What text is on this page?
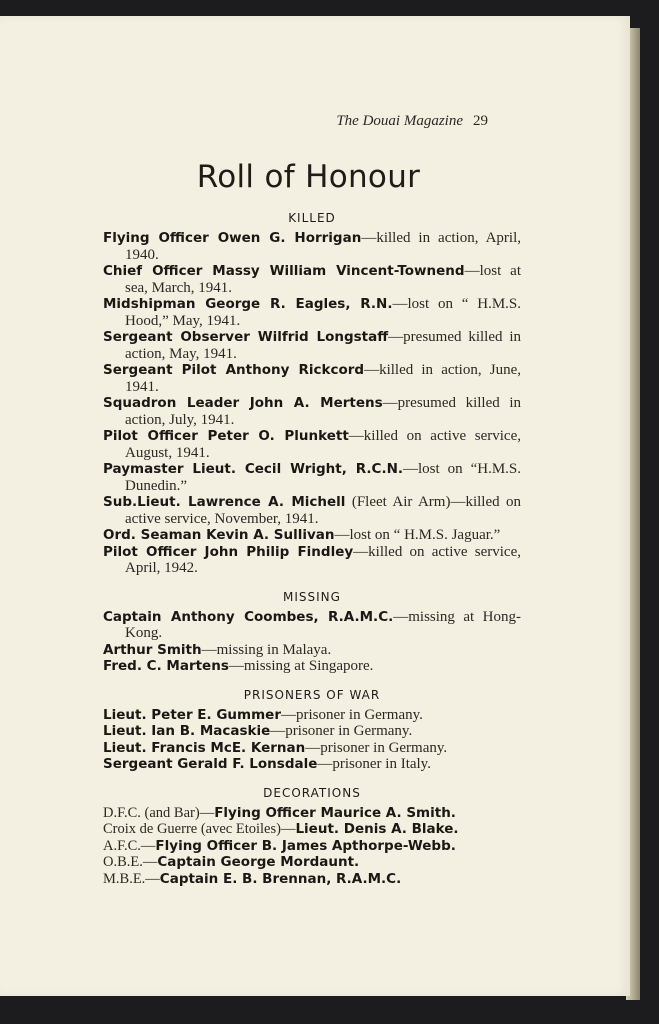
The Douai Magazine 29
Roll of Honour
KILLED

Flying Officer Owen G. Horrigan—killed in action, April, 1940.

Chief Officer Massy William Vincent-Townend—lost at sea, March, 1941.

Midshipman George R. Eagles, R.N.—lost on “ H.M.S. Hood,” May, 1941.

Sergeant Observer Wilfrid Longstaff—presumed killed in action, May, 1941.

Sergeant Pilot Anthony Rickcord—killed in action, June, 1941.

Squadron Leader John A. Mertens—presumed killed in action, July, 1941.

Pilot Officer Peter O. Plunkett—killed on active service, August, 1941.

Paymaster Lieut. Cecil Wright, R.C.N.—lost on “H.M.S. Dunedin.”

Sub.Lieut. Lawrence A. Michell (Fleet Air Arm)—killed on active service, November, 1941.

Ord. Seaman Kevin A. Sullivan—lost on “ H.M.S. Jaguar.”

Pilot Officer John Philip Findley—killed on active service, April, 1942.

MISSING

Captain Anthony Coombes, R.A.M.C.—missing at Hong-Kong.

Arthur Smith—missing in Malaya.

Fred. C. Martens—missing at Singapore.

PRISONERS OF WAR

Lieut. Peter E. Gummer—prisoner in Germany.

Lieut. Ian B. Macaskie—prisoner in Germany.

Lieut. Francis McE. Kernan—prisoner in Germany.

Sergeant Gerald F. Lonsdale—prisoner in Italy.

DECORATIONS

D.F.C. (and Bar)—Flying Officer Maurice A. Smith.

Croix de Guerre (avec Etoiles)—Lieut. Denis A. Blake.

A.F.C.—Flying Officer B. James Apthorpe-Webb.

O.B.E.—Captain George Mordaunt.

M.B.E.—Captain E. B. Brennan, R.A.M.C.
